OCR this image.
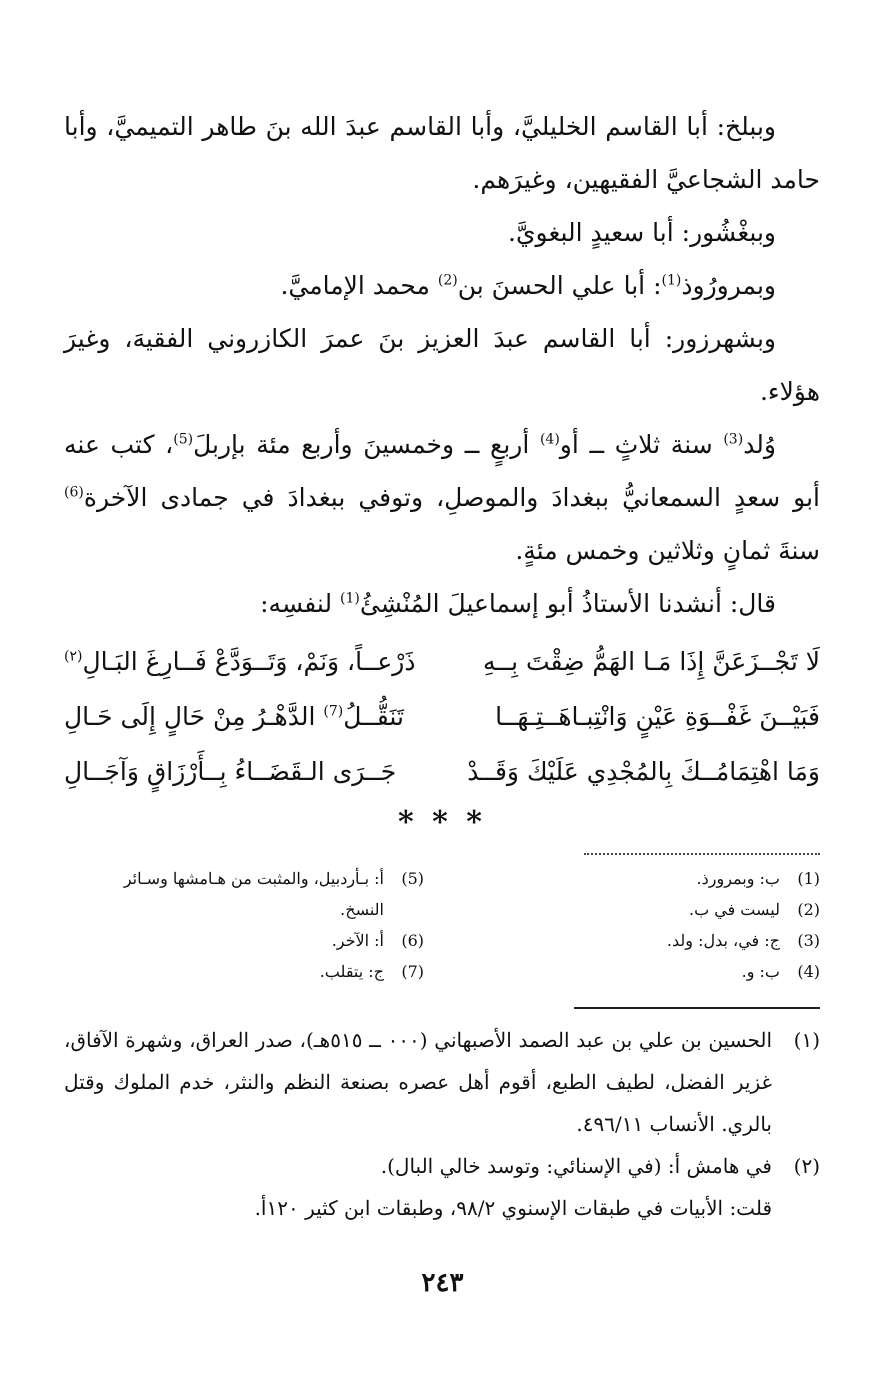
وببلخ: أبا القاسم الخليليَّ، وأبا القاسم عبدَ الله بنَ طاهر التميميَّ، وأبا حامد الشجاعيَّ الفقيهين، وغيرَهم.

وببغْشُور: أبا سعيدٍ البغويَّ.

وبمرورُوذ$^{(1)}$: أبا علي الحسنَ بن$^{(2)}$ محمد الإماميَّ.

وبشهرزور: أبا القاسم عبدَ العزيز بنَ عمرَ الكازروني الفقيهَ، وغيرَ هؤلاء.

وُلد$^{(3)}$ سنة ثلاثٍ ــ أو$^{(4)}$ أربعٍ ــ وخمسينَ وأربع مئة بإربلَ$^{(5)}$، كتب عنه أبو سعدٍ السمعانيُّ ببغدادَ والموصلِ، وتوفي ببغدادَ في جمادى الآخرة$^{(6)}$ سنةَ ثمانٍ وثلاثين وخمس مئةٍ.

قال: أنشدنا الأستاذُ أبو إسماعيلَ المُنْشِئُ$^{(1)}$ لنفسِه:

لَا تَجْــزَعَنَّ إِذَا مَـا الهَمُّ ضِقْتَ بِــهِ
ذَرْعــاً، وَنَمْ، وَتَــوَدَّعْ فَــارِغَ البَـالِ$^{(٢)}$
فَبَيْــنَ غَفْــوَةِ عَيْنٍ وَانْتِبـاهَــتِـهَــا
تَنَقُّــلُ$^{(7)}$ الدَّهْـرُ مِنْ حَالٍ إِلَى حَـالِ
وَمَا اهْتِمَامُــكَ بِالمُجْدِي عَلَيْكَ وَقَــدْ
جَــرَى الـقَضَــاءُ بِــأَرْزَاقٍ وَآجَــالِ
* * *
(1)ب: وبمرورذ.
(2)ليست في ب.
(3)ج: في، بدل: ولد.
(4)ب: و.
(5)أ: بـأردبيل، والمثبت من هـامشها وسـائر
النسخ.
(6)أ: الآخر.
(7)ج: يتقلب.
(١)
الحسين بن علي بن عبد الصمد الأصبهاني (٠٠٠ ــ ٥١٥هـ)، صدر العراق، وشهرة الآفاق، غزير الفضل، لطيف الطبع، أقوم أهل عصره بصنعة النظم والنثر، خدم الملوك وقتل بالري. الأنساب ٤٩٦/١١.
(٢)
في هامش أ: (في الإسنائي: وتوسد خالي البال).
قلت: الأبيات في طبقات الإسنوي ٩٨/٢، وطبقات ابن كثير ١٢٠أ.
٢٤٣
